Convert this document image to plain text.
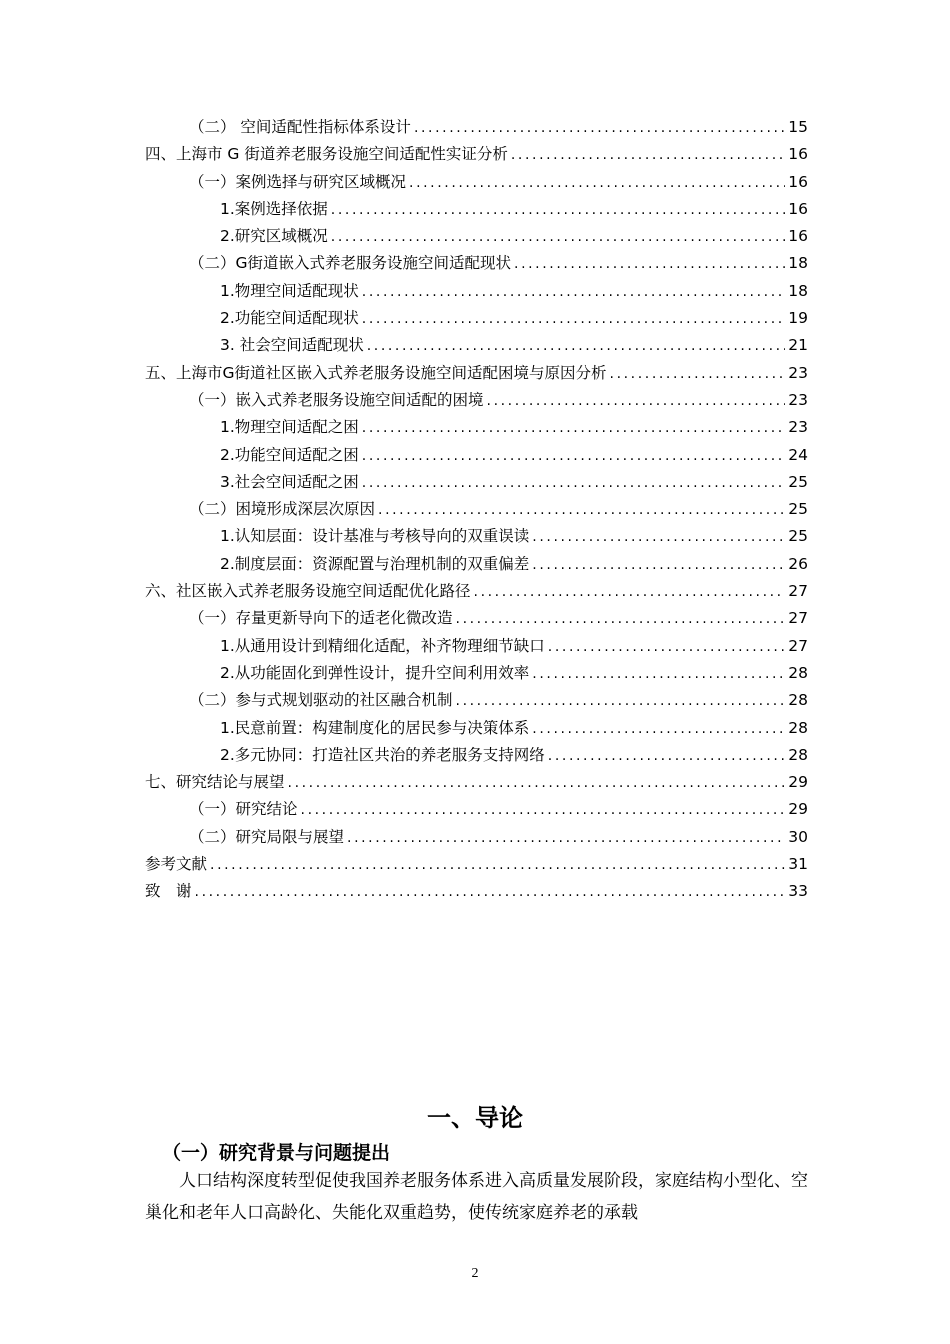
（二） 空间适配性指标体系设计 .....	15
四、上海市 G 街道养老服务设施空间适配性实证分析 .....	16
（一）案例选择与研究区域概况 .....	16
1.案例选择依据 .....	16
2.研究区域概况 .....	16
（二）G街道嵌入式养老服务设施空间适配现状 .....	18
1.物理空间适配现状 .....	18
2.功能空间适配现状 .....	19
3. 社会空间适配现状 .....	21
五、上海市G街道社区嵌入式养老服务设施空间适配困境与原因分析 .....	23
（一）嵌入式养老服务设施空间适配的困境 .....	23
1.物理空间适配之困 .....	23
2.功能空间适配之困 .....	24
3.社会空间适配之困 .....	25
（二）困境形成深层次原因 .....	25
1.认知层面：设计基准与考核导向的双重误读 .....	25
2.制度层面：资源配置与治理机制的双重偏差 .....	26
六、社区嵌入式养老服务设施空间适配优化路径 .....	27
（一）存量更新导向下的适老化微改造 .....	27
1.从通用设计到精细化适配，补齐物理细节缺口 .....	27
2.从功能固化到弹性设计，提升空间利用效率 .....	28
（二）参与式规划驱动的社区融合机制 .....	28
1.民意前置：构建制度化的居民参与决策体系 .....	28
2.多元协同：打造社区共治的养老服务支持网络 .....	28
七、研究结论与展望 .....	29
（一）研究结论 .....	29
（二）研究局限与展望 .....	30
参考文献 .....	31
致　谢 .....	33
一、导论
（一）研究背景与问题提出

人口结构深度转型促使我国养老服务体系进入高质量发展阶段，家庭结构小型化、空巢化和老年人口高龄化、失能化双重趋势，使传统家庭养老的承载

2
